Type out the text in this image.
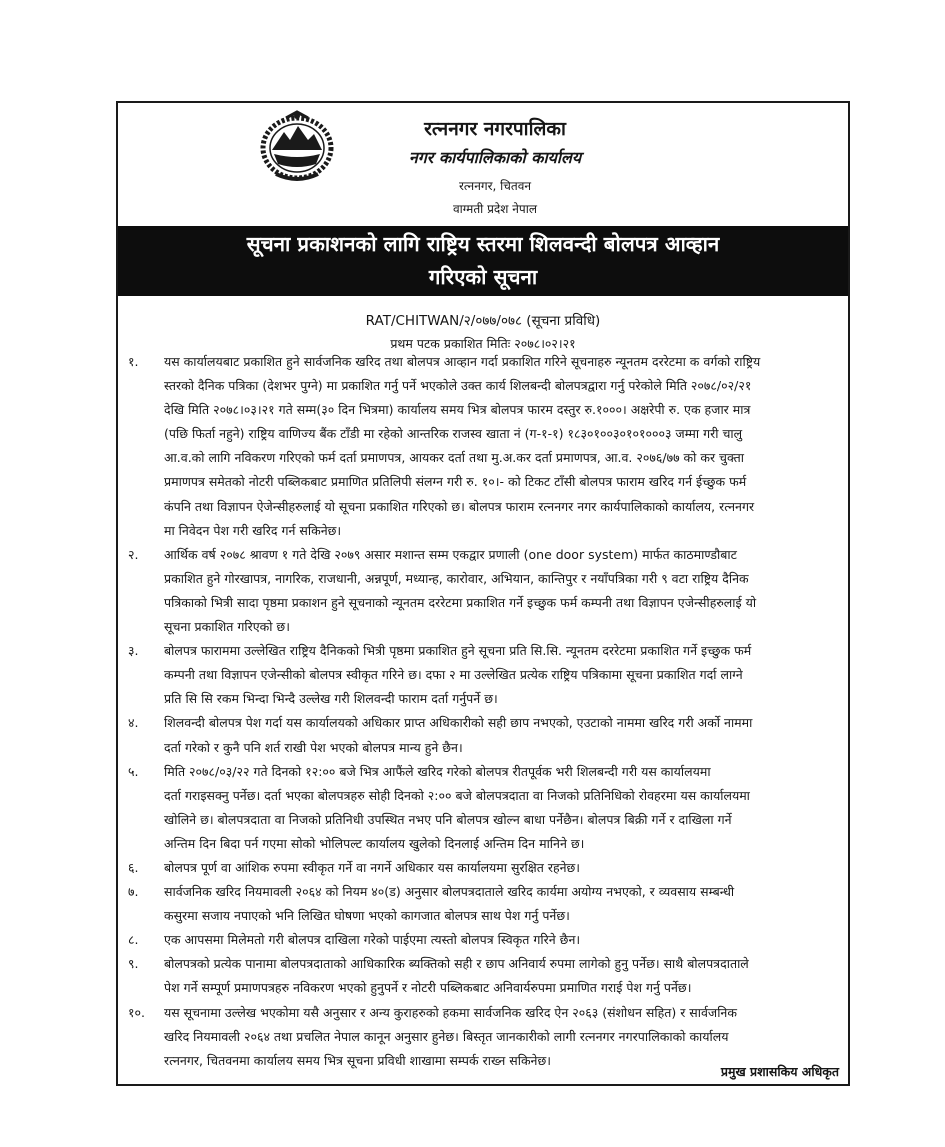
रत्ननगर नगरपालिका
नगर कार्यपालिकाको कार्यालय
रत्ननगर, चितवन
वाग्मती प्रदेश नेपाल
सूचना प्रकाशनको लागि राष्ट्रिय स्तरमा शिलवन्दी बोलपत्र आव्हान
गरिएको सूचना
RAT/CHITWAN/२/०७७/०७८ (सूचना प्रविधि)
प्रथम पटक प्रकाशित मितिः २०७८।०२।२१
१. यस कार्यालयबाट प्रकाशित हुने सार्वजनिक खरिद तथा बोलपत्र आव्हान गर्दा प्रकाशित गरिने सूचनाहरु न्यूनतम दररेटमा क वर्गको राष्ट्रिय
स्तरको दैनिक पत्रिका (देशभर पुग्ने) मा प्रकाशित गर्नु पर्ने भएकोले उक्त कार्य शिलबन्दी बोलपत्रद्वारा गर्नु परेकोले मिति २०७८/०२/२१
देखि मिति २०७८।०३।२१ गते सम्म(३० दिन भित्रमा) कार्यालय समय भित्र बोलपत्र फारम दस्तुर रु.१०००। अक्षरेपी रु. एक हजार मात्र
(पछि फिर्ता नहुने) राष्ट्रिय वाणिज्य बैंक टाँडी मा रहेको आन्तरिक राजस्व खाता नं (ग-१-१) १८३०१००३०१०१०००३ जम्मा गरी चालु
आ.व.को लागि नविकरण गरिएको फर्म दर्ता प्रमाणपत्र, आयकर दर्ता तथा मु.अ.कर दर्ता प्रमाणपत्र, आ.व. २०७६/७७ को कर चुक्ता
प्रमाणपत्र समेतको नोटरी पब्लिकबाट प्रमाणित प्रतिलिपी संलग्न गरी रु. १०।- को टिकट टाँसी बोलपत्र फाराम खरिद गर्न ईच्छुक फर्म
कंपनि तथा विज्ञापन ऐजेन्सीहरुलाई यो सूचना प्रकाशित गरिएको छ। बोलपत्र फाराम रत्ननगर नगर कार्यपालिकाको कार्यालय, रत्ननगर
मा निवेदन पेश गरी खरिद गर्न सकिनेछ।
२. आर्थिक वर्ष २०७८ श्रावण १ गते देखि २०७९ असार मशान्त सम्म एकद्वार प्रणाली (one door system) मार्फत काठमाण्डौबाट
प्रकाशित हुने गोरखापत्र, नागरिक, राजधानी, अन्नपूर्ण, मध्यान्ह, कारोवार, अभियान, कान्तिपुर र नयाँपत्रिका गरी ९ वटा राष्ट्रिय दैनिक
पत्रिकाको भित्री सादा पृष्ठमा प्रकाशन हुने सूचनाको न्यूनतम दररेटमा प्रकाशित गर्ने इच्छुक फर्म कम्पनी तथा विज्ञापन एजेन्सीहरुलाई यो
सूचना प्रकाशित गरिएको छ।
३. बोलपत्र फाराममा उल्लेखित राष्ट्रिय दैनिकको भित्री पृष्ठमा प्रकाशित हुने सूचना प्रति सि.सि. न्यूनतम दररेटमा प्रकाशित गर्ने इच्छुक फर्म
कम्पनी तथा विज्ञापन एजेन्सीको बोलपत्र स्वीकृत गरिने छ। दफा २ मा उल्लेखित प्रत्येक राष्ट्रिय पत्रिकामा सूचना प्रकाशित गर्दा लाग्ने
प्रति सि सि रकम भिन्दा भिन्दै उल्लेख गरी शिलवन्दी फाराम दर्ता गर्नुपर्ने छ।
४. शिलवन्दी बोलपत्र पेश गर्दा यस कार्यालयको अधिकार प्राप्त अधिकारीको सही छाप नभएको, एउटाको नाममा खरिद गरी अर्को नाममा
दर्ता गरेको र कुनै पनि शर्त राखी पेश भएको बोलपत्र मान्य हुने छैन।
५. मिति २०७८/०३/२२ गते दिनको १२:०० बजे भित्र आफैंले खरिद गरेको बोलपत्र रीतपूर्वक भरी शिलबन्दी गरी यस कार्यालयमा
दर्ता गराइसक्नु पर्नेछ। दर्ता भएका बोलपत्रहरु सोही दिनको २:०० बजे बोलपत्रदाता वा निजको प्रतिनिधिको रोवहरमा यस कार्यालयमा
खोलिने छ। बोलपत्रदाता वा निजको प्रतिनिधी उपस्थित नभए पनि बोलपत्र खोल्न बाधा पर्नेछैन। बोलपत्र बिक्री गर्ने र दाखिला गर्ने
अन्तिम दिन बिदा पर्न गएमा सोको भोलिपल्ट कार्यालय खुलेको दिनलाई अन्तिम दिन मानिने छ।
६. बोलपत्र पूर्ण वा आंशिक रुपमा स्वीकृत गर्ने वा नगर्ने अधिकार यस कार्यालयमा सुरक्षित रहनेछ।
७. सार्वजनिक खरिद नियमावली २०६४ को नियम ४०(ड) अनुसार बोलपत्रदाताले खरिद कार्यमा अयोग्य नभएको, र व्यवसाय सम्बन्धी
कसुरमा सजाय नपाएको भनि लिखित घोषणा भएको कागजात बोलपत्र साथ पेश गर्नु पर्नेछ।
८. एक आपसमा मिलेमतो गरी बोलपत्र दाखिला गरेको पाईएमा त्यस्तो बोलपत्र स्विकृत गरिने छैन।
९. बोलपत्रको प्रत्येक पानामा बोलपत्रदाताको आधिकारिक ब्यक्तिको सही र छाप अनिवार्य रुपमा लागेको हुनु पर्नेछ। साथै बोलपत्रदाताले
पेश गर्ने सम्पूर्ण प्रमाणपत्रहरु नविकरण भएको हुनुपर्ने र नोटरी पब्लिकबाट अनिवार्यरुपमा प्रमाणित गराई पेश गर्नु पर्नेछ।
१०. यस सूचनामा उल्लेख भएकोमा यसै अनुसार र अन्य कुराहरुको हकमा सार्वजनिक खरिद ऐन २०६३ (संशोधन सहित) र सार्वजनिक
खरिद नियमावली २०६४ तथा प्रचलित नेपाल कानून अनुसार हुनेछ। बिस्तृत जानकारीको लागी रत्ननगर नगरपालिकाको कार्यालय
रत्ननगर, चितवनमा कार्यालय समय भित्र सूचना प्रविधी शाखामा सम्पर्क राख्न सकिनेछ।
प्रमुख प्रशासकिय अधिकृत
